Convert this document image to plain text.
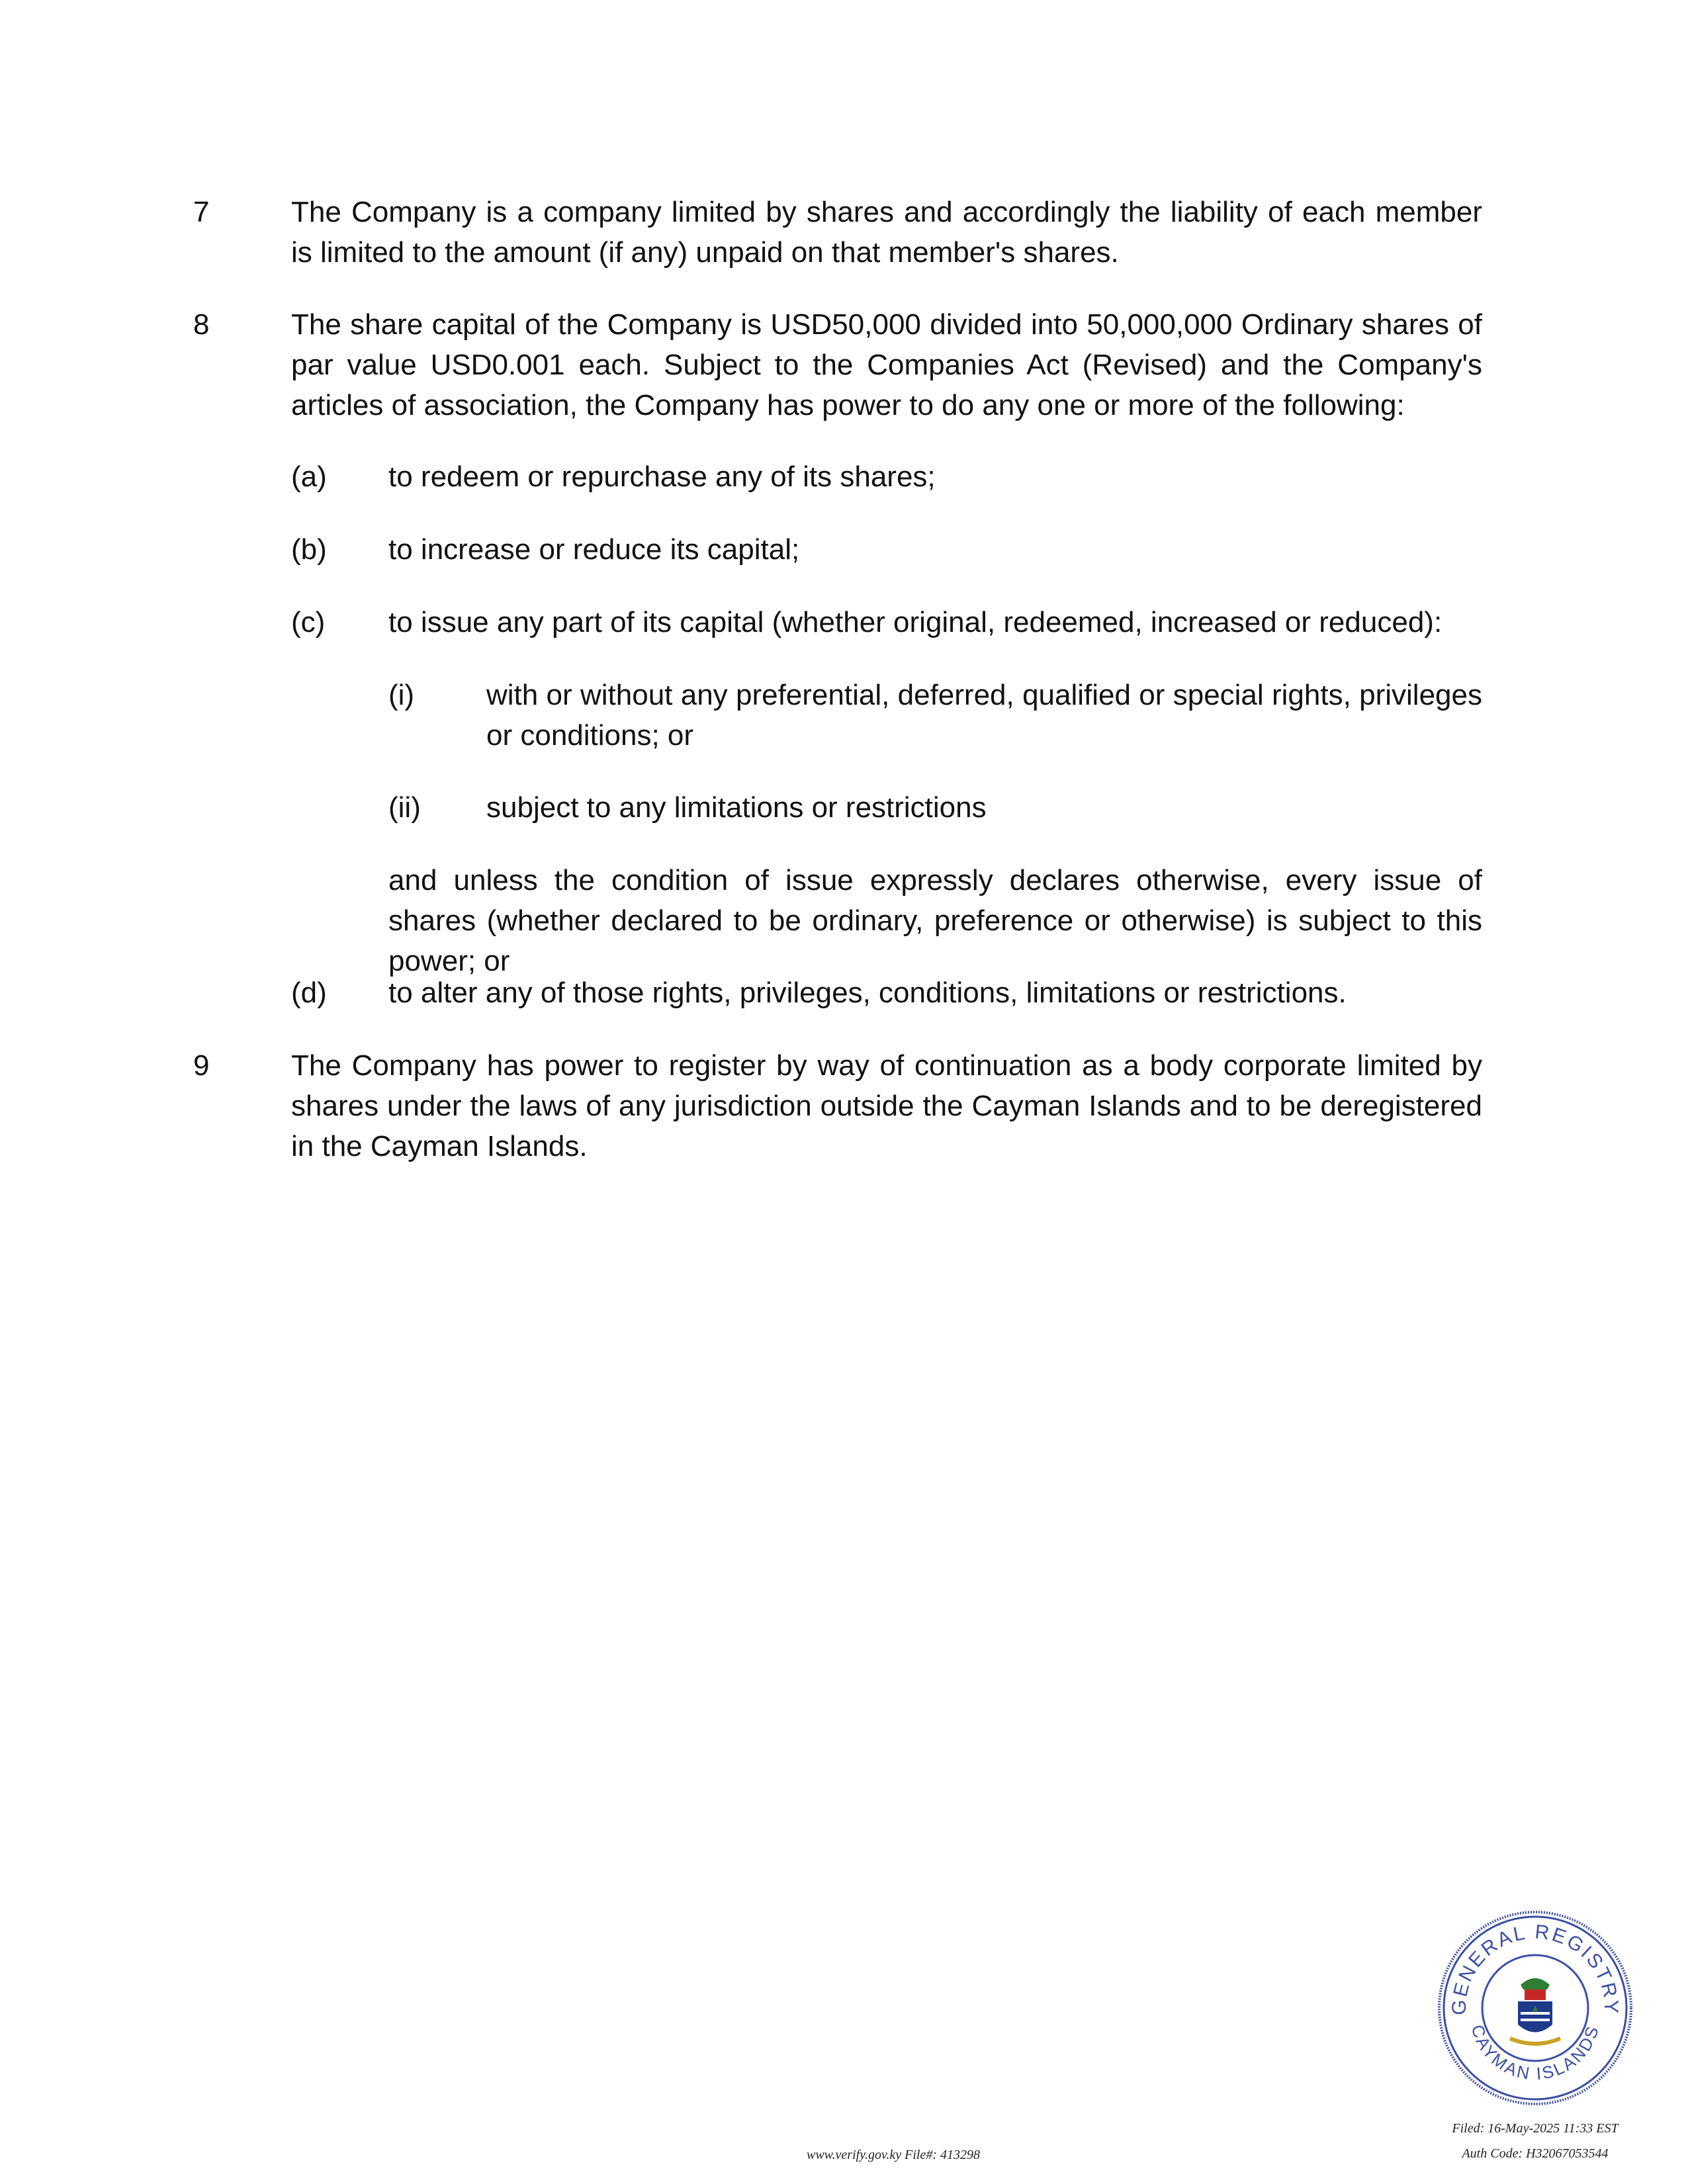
7	The Company is a company limited by shares and accordingly the liability of each member is limited to the amount (if any) unpaid on that member's shares.
8	The share capital of the Company is USD50,000 divided into 50,000,000 Ordinary shares of par value USD0.001 each. Subject to the Companies Act (Revised) and the Company's articles of association, the Company has power to do any one or more of the following:
(a) to redeem or repurchase any of its shares;
(b) to increase or reduce its capital;
(c) to issue any part of its capital (whether original, redeemed, increased or reduced):
(i) with or without any preferential, deferred, qualified or special rights, privileges or conditions; or
(ii) subject to any limitations or restrictions
and unless the condition of issue expressly declares otherwise, every issue of shares (whether declared to be ordinary, preference or otherwise) is subject to this power; or
(d) to alter any of those rights, privileges, conditions, limitations or restrictions.
9	The Company has power to register by way of continuation as a body corporate limited by shares under the laws of any jurisdiction outside the Cayman Islands and to be deregistered in the Cayman Islands.
GENERAL REGISTRY
CAYMAN ISLANDS
www.verify.gov.ky File#: 413298
Filed: 16-May-2025 11:33 EST
Auth Code: H32067053544
